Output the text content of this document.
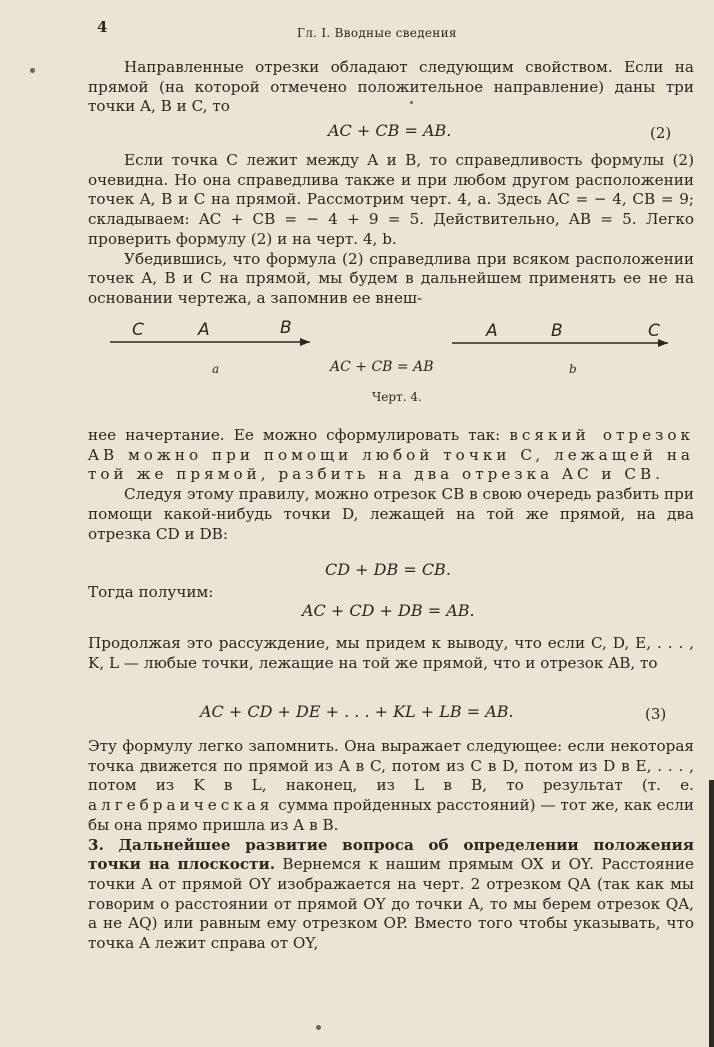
4	Гл. I. Вводные сведения

Направленные отрезки обладают следующим свойством. Если на прямой (на которой отмечено положительное направление) даны три точки A, B и C, то

AC + CB = AB.	(2)

Если точка C лежит между A и B, то справедливость формулы (2) очевидна. Но она справедлива также и при любом другом расположении точек A, B и C на прямой. Рассмотрим черт. 4, a. Здесь AC = − 4, CB = 9; складываем: AC + CB = − 4 + 9 = 5. Действительно, AB = 5. Легко проверить формулу (2) и на черт. 4, b.

Убедившись, что формула (2) справедлива при всяком расположении точек A, B и C на прямой, мы будем в дальнейшем применять ее не на основании чертежа, а запомнив ее внеш-

C	A	B	A	B	C
a	AC + CB = AB	b
Черт. 4.

нее начертание. Ее можно сформулировать так: всякий отрезок AB можно при помощи любой точки C, лежащей на той же прямой, разбить на два отрезка AC и CB.

Следуя этому правилу, можно отрезок CB в свою очередь разбить при помощи какой-нибудь точки D, лежащей на той же прямой, на два отрезка CD и DB:

CD + DB = CB.

Тогда получим:

AC + CD + DB = AB.

Продолжая это рассуждение, мы придем к выводу, что если C, D, E, . . . , K, L — любые точки, лежащие на той же прямой, что и отрезок AB, то

AC + CD + DE + . . . + KL + LB = AB.	(3)

Эту формулу легко запомнить. Она выражает следующее: если некоторая точка движется по прямой из A в C, потом из C в D, потом из D в E, . . . , потом из K в L, наконец, из L в B, то результат (т. е. алгебраическая сумма пройденных расстояний) — тот же, как если бы она прямо пришла из A в B.

3. Дальнейшее развитие вопроса об определении положения точки на плоскости. Вернемся к нашим прямым OX и OY. Расстояние точки A от прямой OY изображается на черт. 2 отрезком QA (так как мы говорим о расстоянии от прямой OY до точки A, то мы берем отрезок QA, а не AQ) или равным ему отрезком OP. Вместо того чтобы указывать, что точка A лежит справа от OY,
